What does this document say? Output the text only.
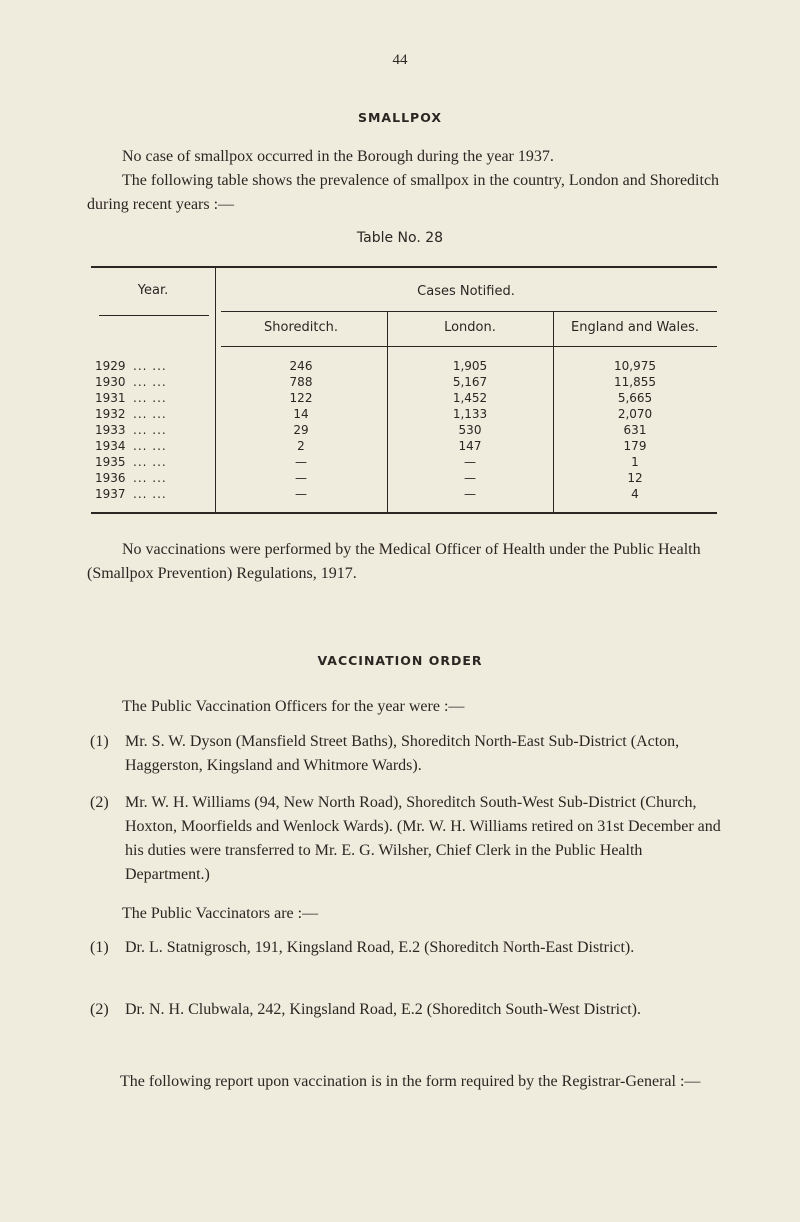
44
SMALLPOX

No case of smallpox occurred in the Borough during the year 1937.

The following table shows the prevalence of smallpox in the country, London and Shoreditch during recent years :—

Table No. 28
Year.	Cases Notified.
Shoreditch.	London.	England and Wales.
1929 ... ...	246	1,905	10,975
1930 ... ...	788	5,167	11,855
1931 ... ...	122	1,452	5,665
1932 ... ...	14	1,133	2,070
1933 ... ...	29	530	631
1934 ... ...	2	147	179
1935 ... ...	—	—	1
1936 ... ...	—	—	12
1937 ... ...	—	—	4

No vaccinations were performed by the Medical Officer of Health under the Public Health (Smallpox Prevention) Regulations, 1917.

VACCINATION ORDER

The Public Vaccination Officers for the year were :—

(1) Mr. S. W. Dyson (Mansfield Street Baths), Shoreditch North-East Sub-District (Acton, Haggerston, Kingsland and Whitmore Wards).
(2) Mr. W. H. Williams (94, New North Road), Shoreditch South-West Sub-District (Church, Hoxton, Moorfields and Wenlock Wards). (Mr. W. H. Williams retired on 31st December and his duties were transferred to Mr. E. G. Wilsher, Chief Clerk in the Public Health Department.)

The Public Vaccinators are :—

(1) Dr. L. Statnigrosch, 191, Kingsland Road, E.2 (Shoreditch North-East District).
(2) Dr. N. H. Clubwala, 242, Kingsland Road, E.2 (Shoreditch South-West District).

The following report upon vaccination is in the form required by the Registrar-General :—
